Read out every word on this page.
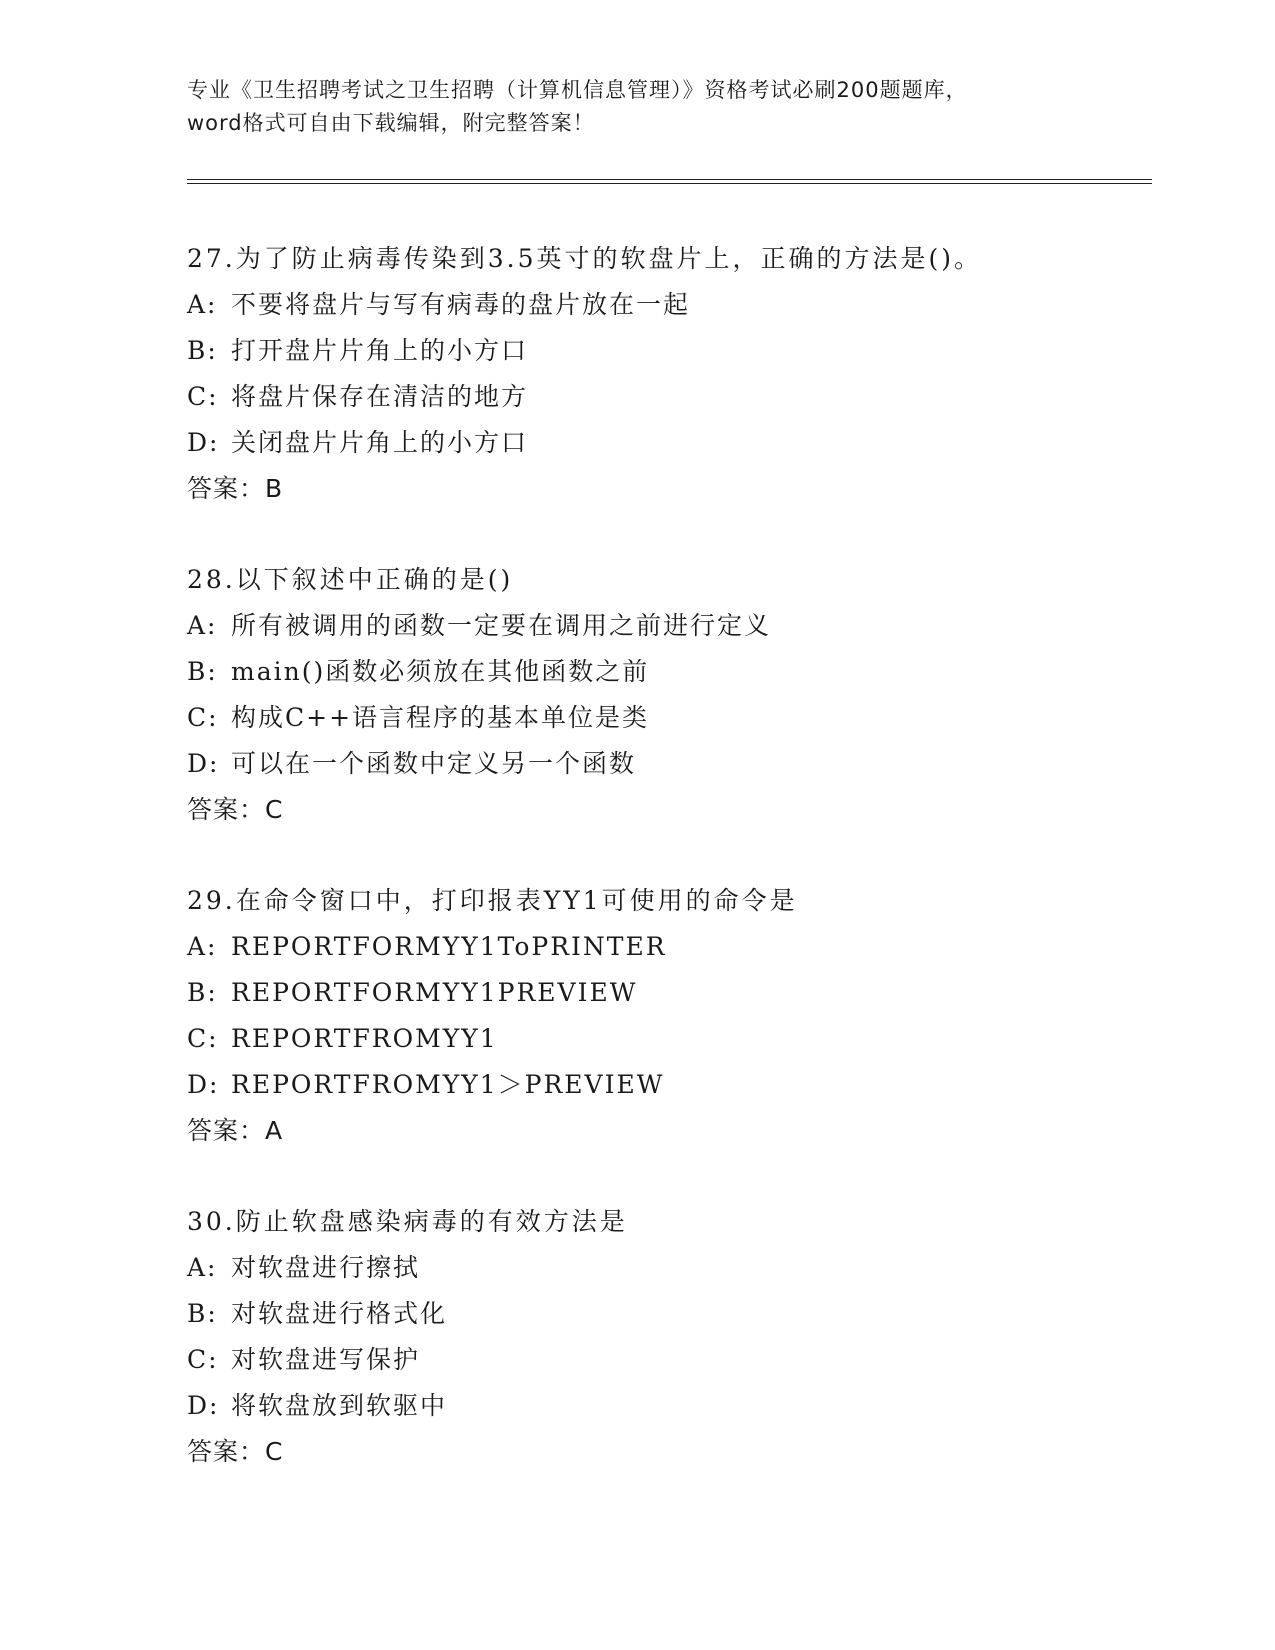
专业《卫生招聘考试之卫生招聘（计算机信息管理）》资格考试必刷200题题库，
word格式可自由下载编辑，附完整答案！
27.为了防止病毒传染到3.5英寸的软盘片上，正确的方法是()。
A: 不要将盘片与写有病毒的盘片放在一起
B: 打开盘片片角上的小方口
C: 将盘片保存在清洁的地方
D: 关闭盘片片角上的小方口
答案：B
28.以下叙述中正确的是()
A: 所有被调用的函数一定要在调用之前进行定义
B: main()函数必须放在其他函数之前
C: 构成C++语言程序的基本单位是类
D: 可以在一个函数中定义另一个函数
答案：C
29.在命令窗口中，打印报表YY1可使用的命令是
A: REPORTFORMYY1ToPRINTER
B: REPORTFORMYY1PREVIEW
C: REPORTFROMYY1
D: REPORTFROMYY1＞PREVIEW
答案：A
30.防止软盘感染病毒的有效方法是
A: 对软盘进行擦拭
B: 对软盘进行格式化
C: 对软盘进写保护
D: 将软盘放到软驱中
答案：C
